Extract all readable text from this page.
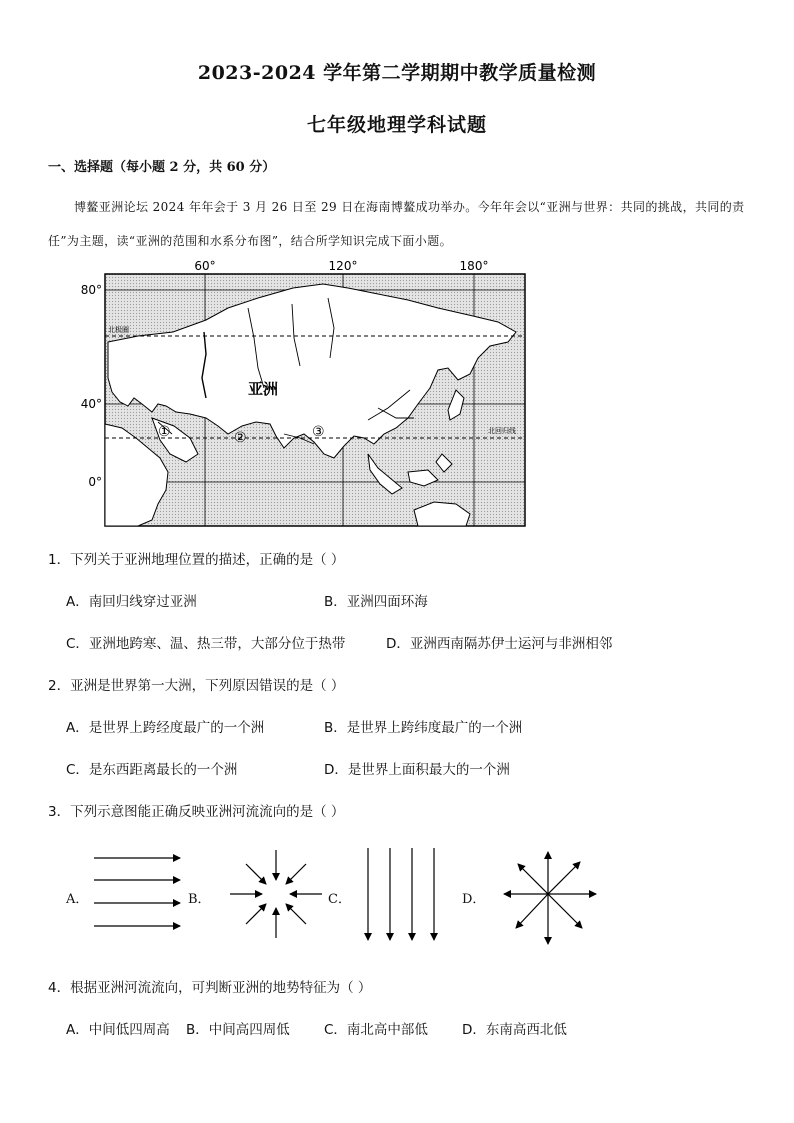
2023-2024 学年第二学期期中教学质量检测
七年级地理学科试题
一、选择题（每小题 2 分，共 60 分）
博鳌亚洲论坛 2024 年年会于 3 月 26 日至 29 日在海南博鳌成功举办。今年年会以“亚洲与世界：共同的挑战，共同的责任”为主题，读“亚洲的范围和水系分布图”，结合所学知识完成下面小题。
60°	120°	180°
80°
40°
0°
北极圈
北回归线
亚洲
①	②	③
1．下列关于亚洲地理位置的描述，正确的是（ ）
A．南回归线穿过亚洲	B．亚洲四面环海
C．亚洲地跨寒、温、热三带，大部分位于热带	D．亚洲西南隔苏伊士运河与非洲相邻
2．亚洲是世界第一大洲，下列原因错误的是（ ）
A．是世界上跨经度最广的一个洲	B．是世界上跨纬度最广的一个洲
C．是东西距离最长的一个洲	D．是世界上面积最大的一个洲
3．下列示意图能正确反映亚洲河流流向的是（ ）
A．	B．	C．	D．
4．根据亚洲河流流向，可判断亚洲的地势特征为（ ）
A．中间低四周高 B．中间高四周低	C．南北高中部低	D．东南高西北低
